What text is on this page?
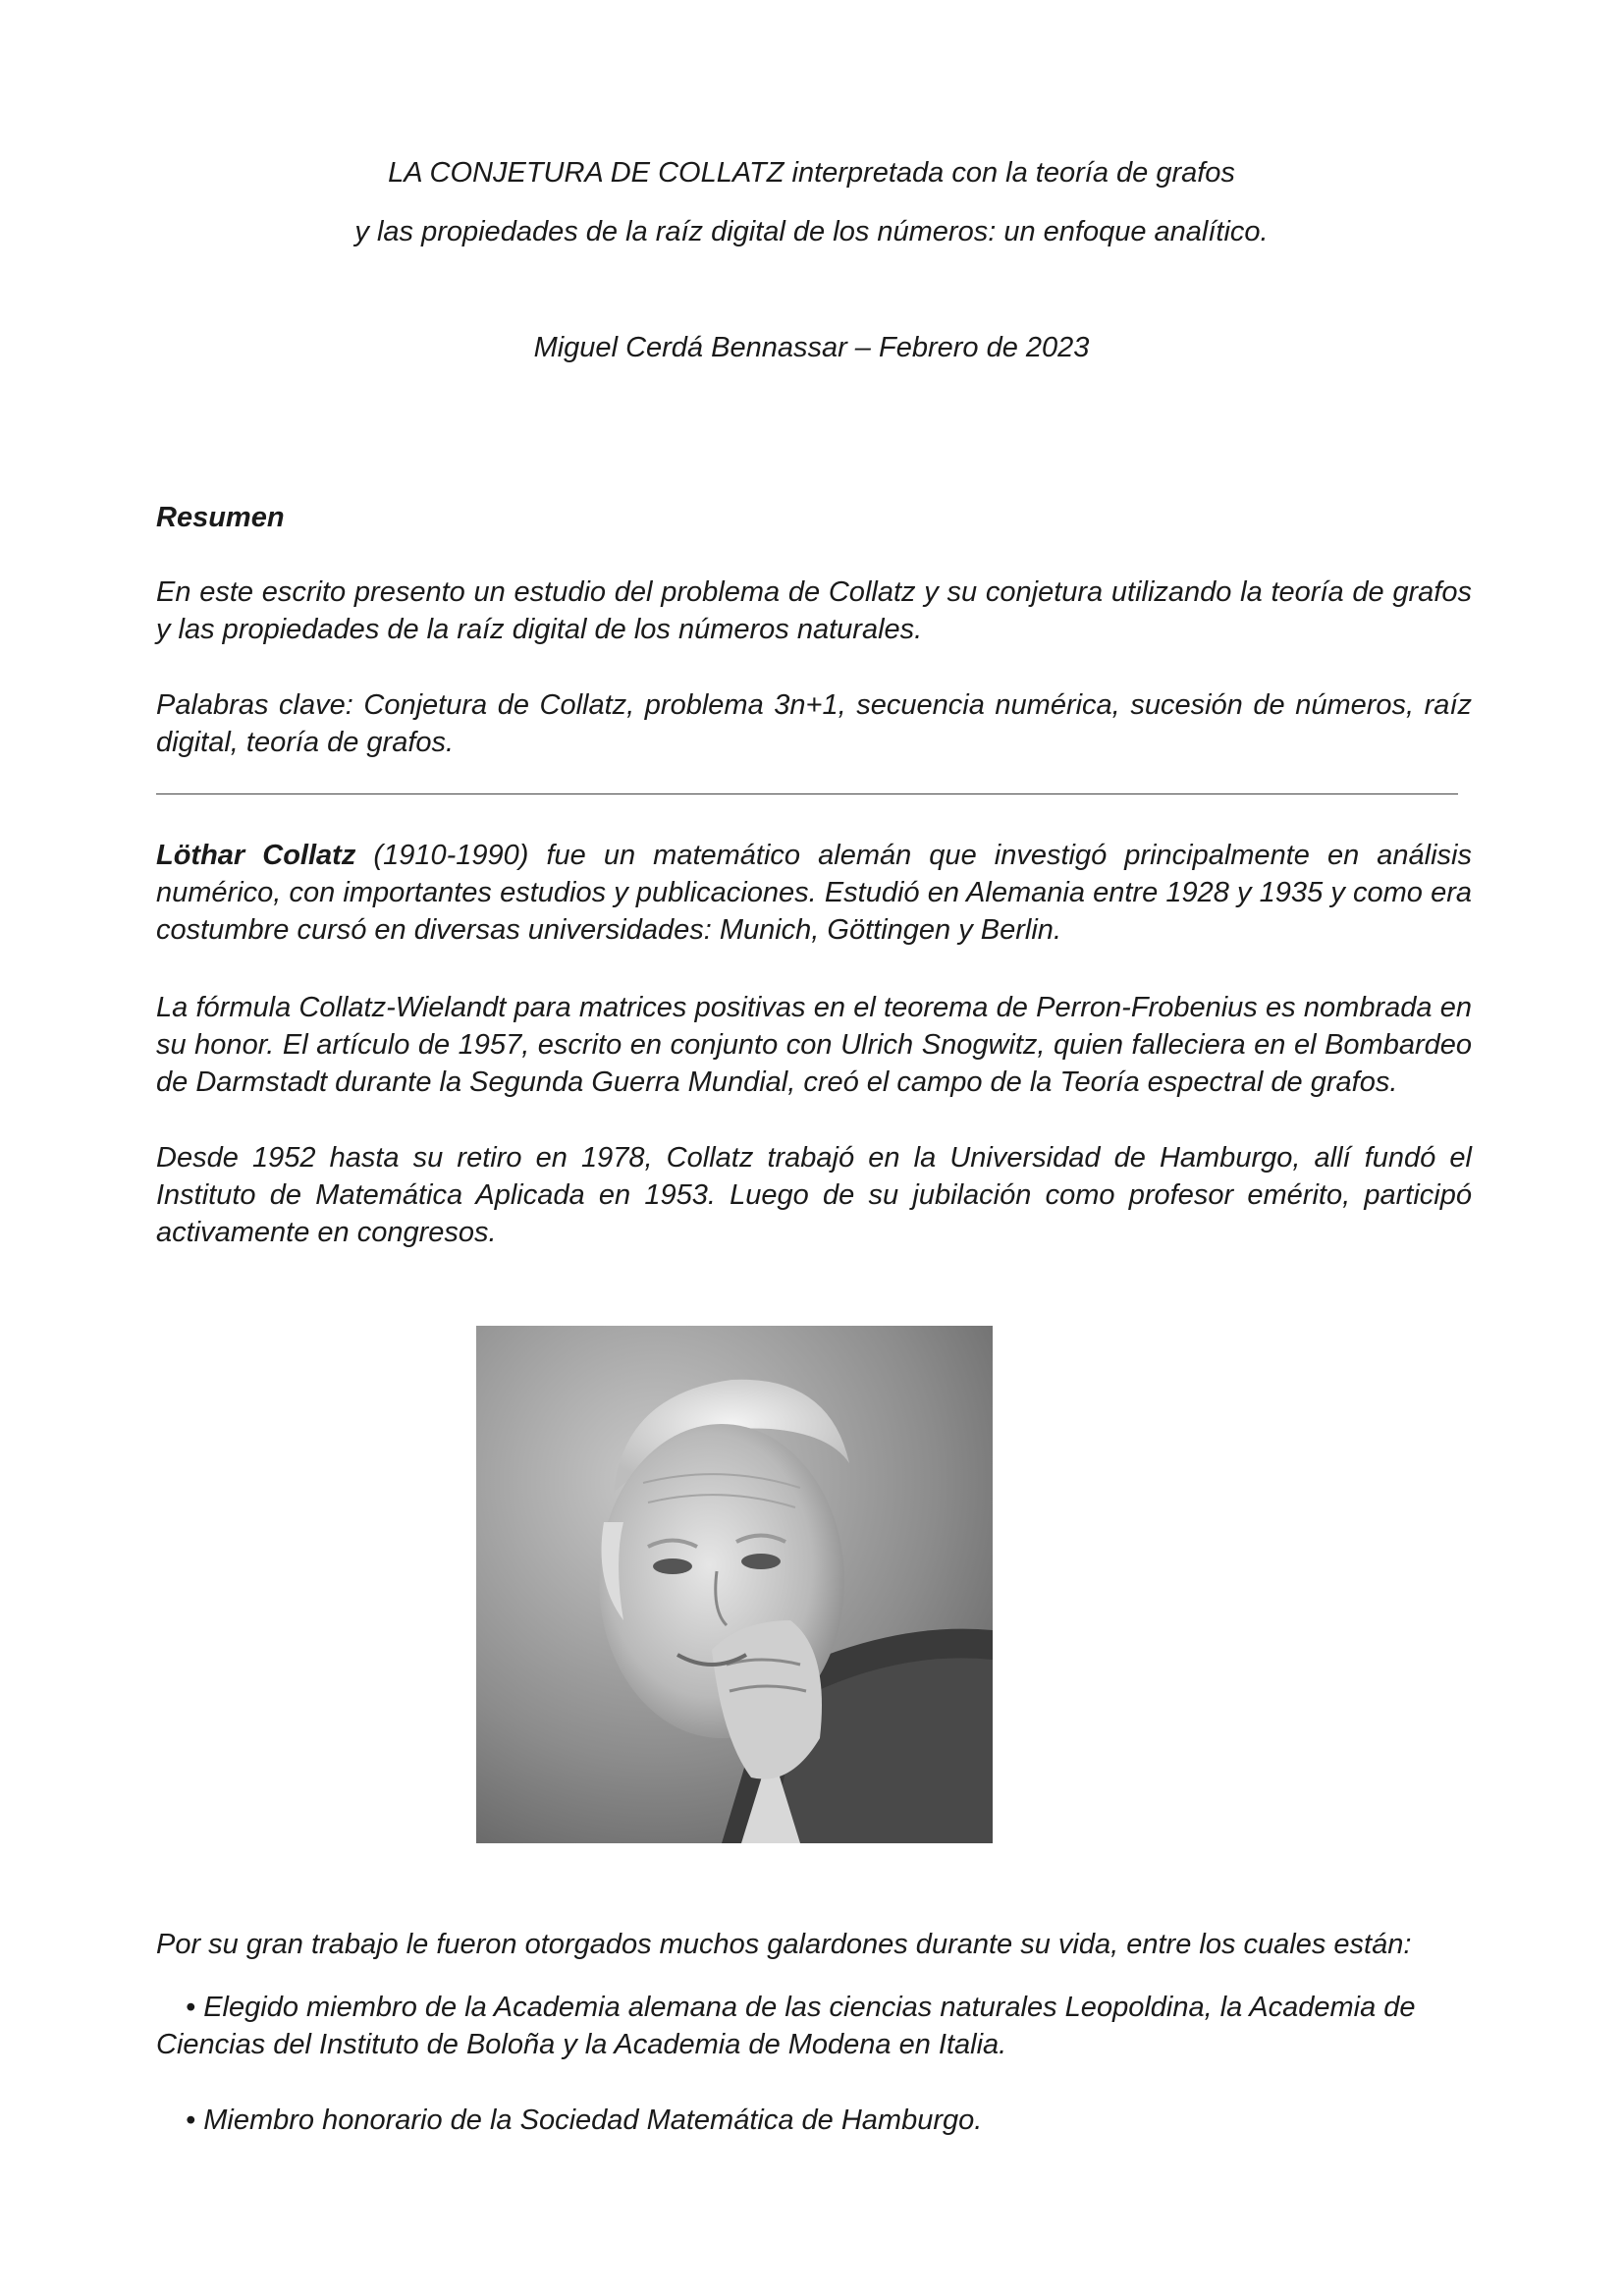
LA CONJETURA DE COLLATZ interpretada con la teoría de grafos
y las propiedades de la raíz digital de los números: un enfoque analítico.
Miguel Cerdá Bennassar – Febrero de 2023
Resumen
En este escrito presento un estudio del problema de Collatz y su conjetura utilizando la teoría de grafos y las propiedades de la raíz digital de los números naturales.
Palabras clave: Conjetura de Collatz, problema 3n+1, secuencia numérica, sucesión de números, raíz digital, teoría de grafos.
Löthar Collatz (1910-1990) fue un matemático alemán que investigó principalmente en análisis numérico, con importantes estudios y publicaciones. Estudió en Alemania entre 1928 y 1935 y como era costumbre cursó en diversas universidades: Munich, Göttingen y Berlin.
La fórmula Collatz-Wielandt para matrices positivas en el teorema de Perron-Frobenius es nombrada en su honor. El artículo de 1957, escrito en conjunto con Ulrich Snogwitz, quien falleciera en el Bombardeo de Darmstadt durante la Segunda Guerra Mundial, creó el campo de la Teoría espectral de grafos.
Desde 1952 hasta su retiro en 1978, Collatz trabajó en la Universidad de Hamburgo, allí fundó el Instituto de Matemática Aplicada en 1953. Luego de su jubilación como profesor emérito, participó activamente en congresos.
Por su gran trabajo le fueron otorgados muchos galardones durante su vida, entre los cuales están:
• Elegido miembro de la Academia alemana de las ciencias naturales Leopoldina, la Academia de Ciencias del Instituto de Boloña y la Academia de Modena en Italia.
• Miembro honorario de la Sociedad Matemática de Hamburgo.
